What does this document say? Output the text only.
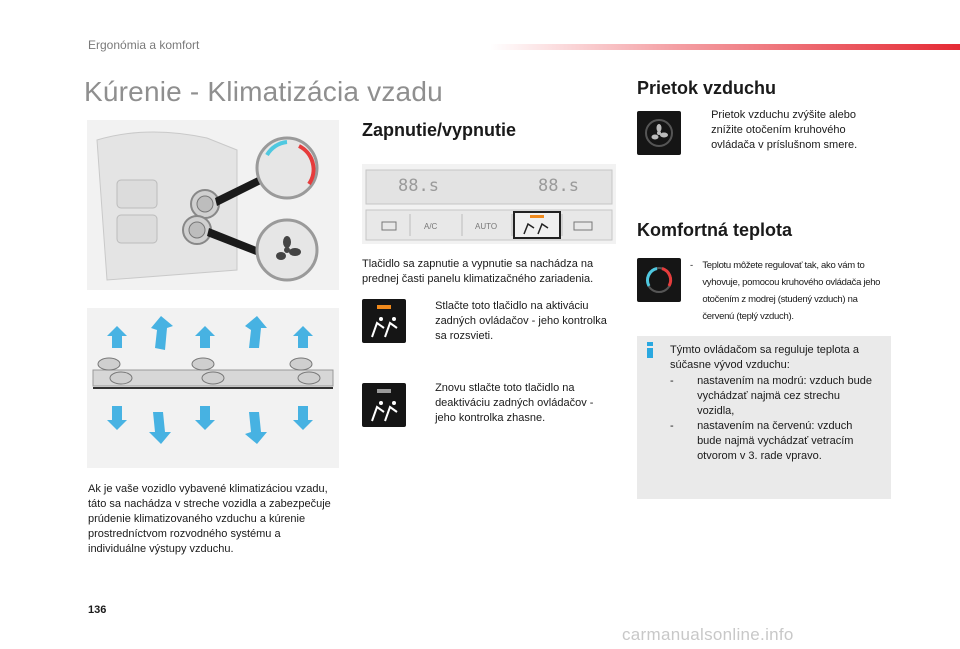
Ergonómia a komfort
Kúrenie - Klimatizácia vzadu
Ak je vaše vozidlo vybavené klimatizáciou vzadu, táto sa nachádza v streche vozidla a zabezpečuje prúdenie klimatizovaného vzduchu a kúrenie prostredníctvom rozvodného systému a individuálne výstupy vzduchu.
Zapnutie/vypnutie
88.s	88.s
A/C	AUTO
Tlačidlo sa zapnutie a vypnutie sa nachádza na prednej časti panelu klimatizačného zariadenia.
Stlačte toto tlačidlo na aktiváciu zadných ovládačov - jeho kontrolka sa rozsvieti.
Znovu stlačte toto tlačidlo na deaktiváciu zadných ovládačov - jeho kontrolka zhasne.
Prietok vzduchu
Prietok vzduchu zvýšite alebo znížite otočením kruhového ovládača v príslušnom smere.
Komfortná teplota
- Teplotu môžete regulovať tak, ako vám to vyhovuje, pomocou kruhového ovládača jeho otočením z modrej (studený vzduch) na červenú (teplý vzduch).
Týmto ovládačom sa reguluje teplota a súčasne vývod vzduchu:
- nastavením na modrú: vzduch bude vychádzať najmä cez strechu vozidla,
- nastavením na červenú: vzduch bude najmä vychádzať vetracím otvorom v 3. rade vpravo.
136
carmanualsonline.info
